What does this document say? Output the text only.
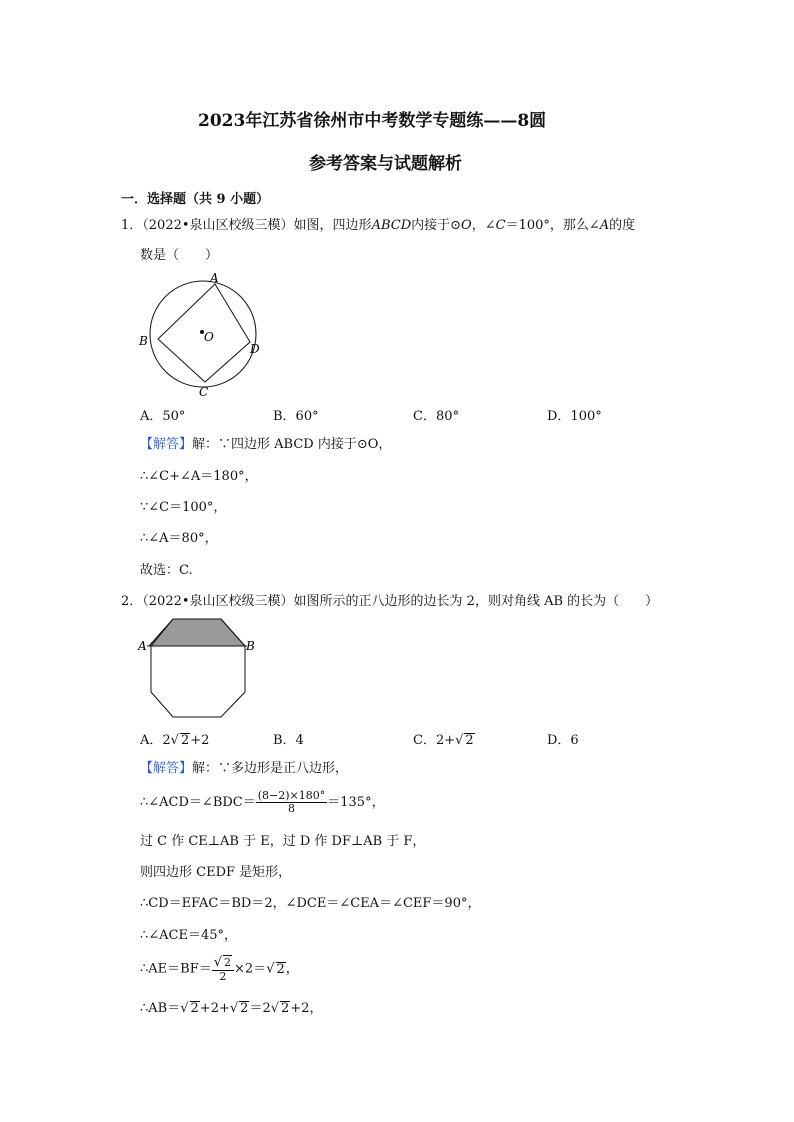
2023年江苏省徐州市中考数学专题练——8圆
参考答案与试题解析
一．选择题（共 9 小题）
1．（2022•泉山区校级三模）如图，四边形ABCD内接于⊙O，∠C＝100°，那么∠A的度
数是（　　）
A
B
C
D
O
A．50°	B．60°	C．80°	D．100°
【解答】解：∵四边形 ABCD 内接于⊙O，
∴∠C+∠A＝180°，
∵∠C＝100°，
∴∠A＝80°，
故选：C.
2．（2022•泉山区校级三模）如图所示的正八边形的边长为 2，则对角线 AB 的长为（　　）
A	B
A．2√ 2+2	B．4	C．2+√ 2	D．6
【解答】解：∵多边形是正八边形，
∴∠ACD＝∠BDC＝ $\frac{(8-2)\times 180^\circ}{8} =135^\circ$，
过 C 作 CE⊥AB 于 E，过 D 作 DF⊥AB 于 F，
则四边形 CEDF 是矩形，
∴CD＝EFAC＝BD＝2，∠DCE＝∠CEA＝∠CEF＝90°，
∴∠ACE＝45°，
∴AE＝BF＝ $\frac{√ 2}{2} \times 2=√$ 2，
∴AB＝√ 2+2+√ 2＝2√ 2+2，
